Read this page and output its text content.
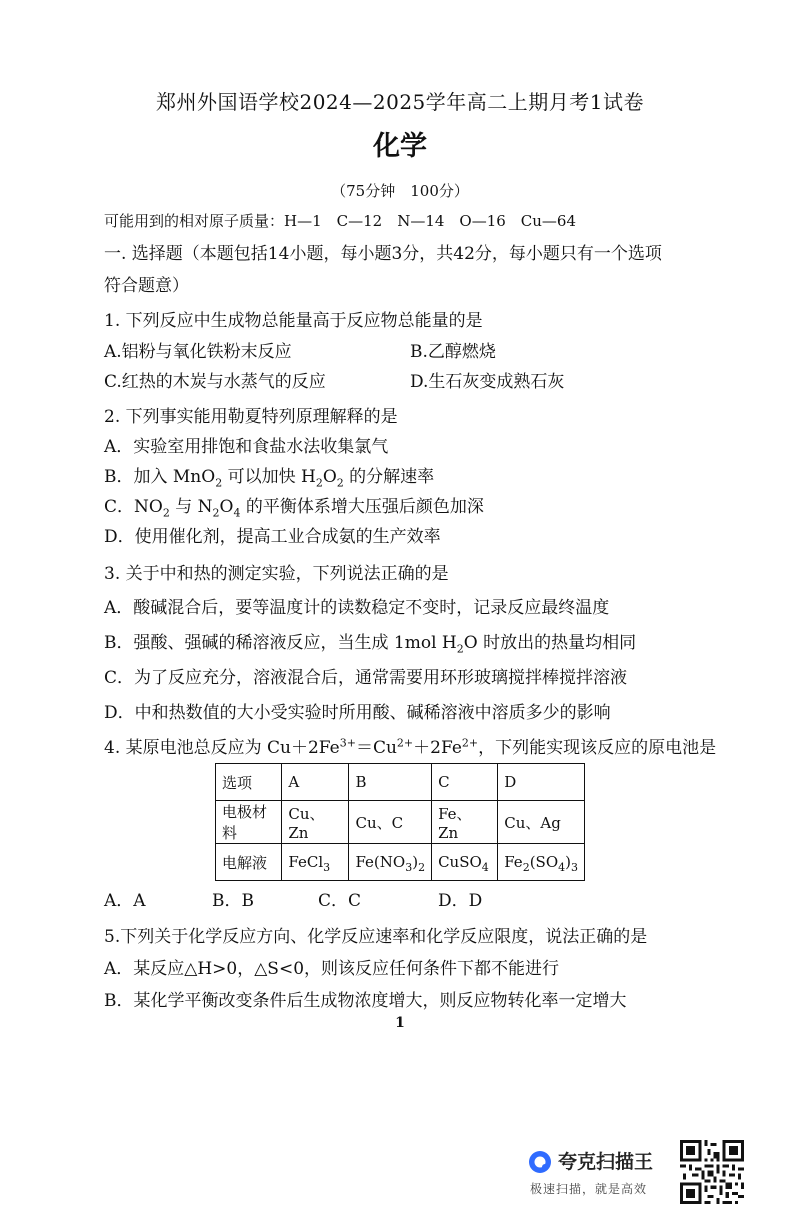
郑州外国语学校2024—2025学年高二上期月考1试卷
化学
（75分钟　100分）
可能用到的相对原子质量：H—1　C—12　N—14　O—16　Cu—64
一. 选择题（本题包括14小题，每小题3分，共42分，每小题只有一个选项
符合题意）
1. 下列反应中生成物总能量高于反应物总能量的是
A.铝粉与氧化铁粉末反应	B.乙醇燃烧
C.红热的木炭与水蒸气的反应	D.生石灰变成熟石灰
2. 下列事实能用勒夏特列原理解释的是
A．实验室用排饱和食盐水法收集氯气
B．加入 MnO$_2$ 可以加快 $H_2O_2$ 的分解速率
C．$NO_2$ 与 $N_2O_4$ 的平衡体系增大压强后颜色加深
D．使用催化剂，提高工业合成氨的生产效率
3. 关于中和热的测定实验，下列说法正确的是
A．酸碱混合后，要等温度计的读数稳定不变时，记录反应最终温度
B．强酸、强碱的稀溶液反应，当生成 1mol $H_2O$ 时放出的热量均相同
C．为了反应充分，溶液混合后，通常需要用环形玻璃搅拌棒搅拌溶液
D．中和热数值的大小受实验时所用酸、碱稀溶液中溶质多少的影响
4. 某原电池总反应为 $Cu+2Fe^{3+}=Cu^{2+}+2Fe^{2+}$，下列能实现该反应的原电池是
选项	A	B	C	D
电极材料	Cu、Zn	Cu、C	Fe、Zn	Cu、Ag
电解液	FeCl$_3$	$Fe(NO_3)_2$	CuSO$_4$	$Fe_2(SO_4)_3$
A．A	B．B	C．C	D．D
5.下列关于化学反应方向、化学反应速率和化学反应限度，说法正确的是
A．某反应△H>0，△S<0，则该反应任何条件下都不能进行
B．某化学平衡改变条件后生成物浓度增大，则反应物转化率一定增大
1
夸克扫描王
极速扫描，就是高效
